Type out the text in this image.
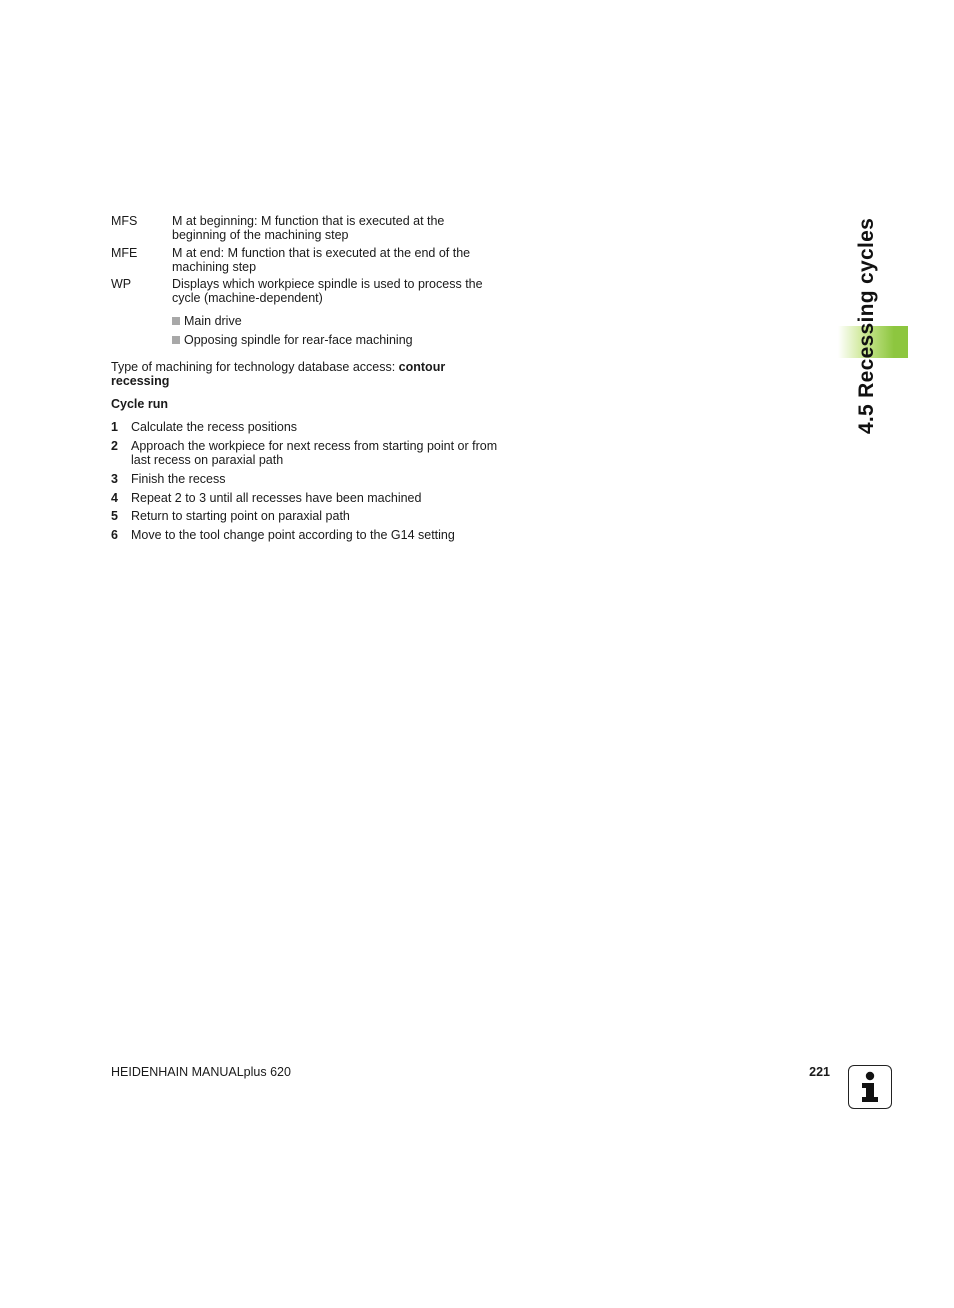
MFS	M at beginning: M function that is executed at the
beginning of the machining step
MFE	M at end: M function that is executed at the end of the
machining step
WP	Displays which workpiece spindle is used to process the
cycle (machine-dependent)
Main drive
Opposing spindle for rear-face machining
Type of machining for technology database access: contour
recessing
Cycle run
1	Calculate the recess positions
2	Approach the workpiece for next recess from starting point or from
last recess on paraxial path
3	Finish the recess
4	Repeat 2 to 3 until all recesses have been machined
5	Return to starting point on paraxial path
6	Move to the tool change point according to the G14 setting
4.5 Recessing cycles
HEIDENHAIN MANUALplus 620	221
